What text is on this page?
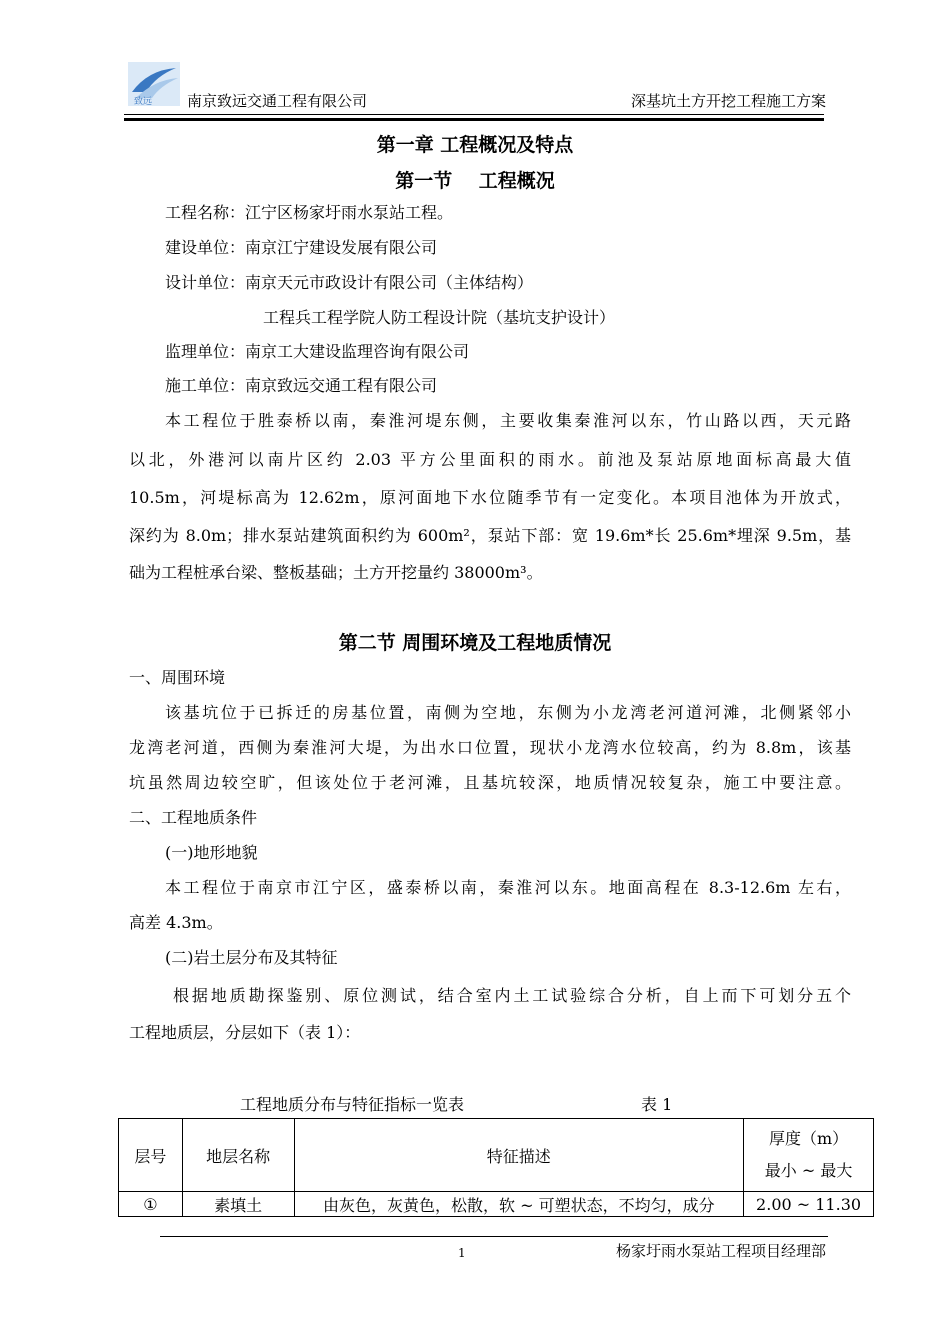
致远 南京致远交通工程有限公司	深基坑土方开挖工程施工方案
第一章 工程概况及特点
第一节    工程概况
工程名称：江宁区杨家圩雨水泵站工程。
建设单位：南京江宁建设发展有限公司
设计单位：南京天元市政设计有限公司（主体结构）
工程兵工程学院人防工程设计院（基坑支护设计）
监理单位：南京工大建设监理咨询有限公司
施工单位：南京致远交通工程有限公司
本工程位于胜泰桥以南，秦淮河堤东侧，主要收集秦淮河以东，竹山路以西，天元路
以北，外港河以南片区约 2.03 平方公里面积的雨水。前池及泵站原地面标高最大值
10.5m，河堤标高为 12.62m，原河面地下水位随季节有一定变化。本项目池体为开放式，
深约为 8.0m；排水泵站建筑面积约为 600m²，泵站下部：宽 19.6m*长 25.6m*埋深 9.5m，基
础为工程桩承台梁、整板基础；土方开挖量约 38000m³。
第二节 周围环境及工程地质情况
一、周围环境
该基坑位于已拆迁的房基位置，南侧为空地，东侧为小龙湾老河道河滩，北侧紧邻小
龙湾老河道，西侧为秦淮河大堤，为出水口位置，现状小龙湾水位较高，约为 8.8m，该基
坑虽然周边较空旷，但该处位于老河滩，且基坑较深，地质情况较复杂，施工中要注意。
二、工程地质条件
(一)地形地貌
本工程位于南京市江宁区，盛泰桥以南，秦淮河以东。地面高程在 8.3-12.6m 左右，
高差 4.3m。
(二)岩土层分布及其特征
根据地质勘探鉴别、原位测试，结合室内土工试验综合分析，自上而下可划分五个
工程地质层，分层如下（表 1）：
工程地质分布与特征指标一览表	表 1
层号	地层名称	特征描述	厚度（m）
最小 ~ 最大

①	素填土	由灰色，灰黄色，松散，软 ~ 可塑状态，不均匀，成分	2.00 ~ 11.30
1	杨家圩雨水泵站工程项目经理部
